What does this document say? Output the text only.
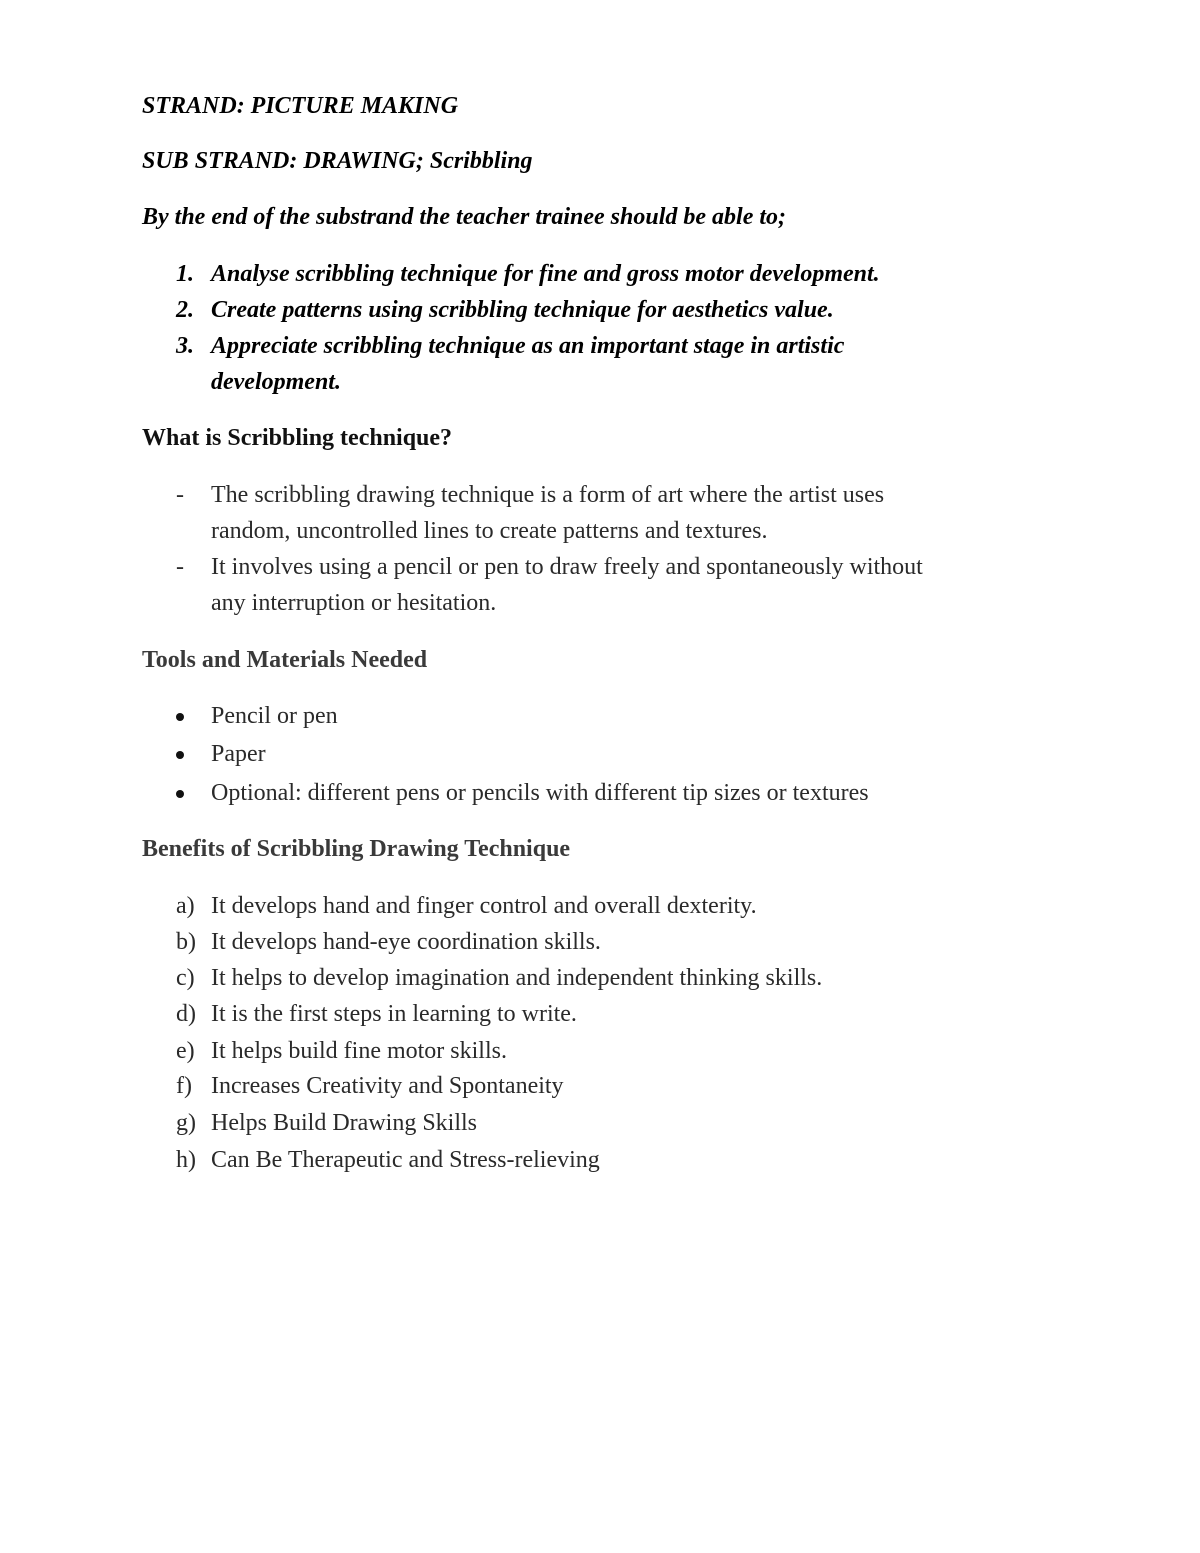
STRAND: PICTURE MAKING
SUB STRAND: DRAWING; Scribbling
By the end of the substrand the teacher trainee should be able to;
1. Analyse scribbling technique for fine and gross motor development.
2. Create patterns using scribbling technique for aesthetics value.
3. Appreciate scribbling technique as an important stage in artistic
development.
What is Scribbling technique?
- The scribbling drawing technique is a form of art where the artist uses
random, uncontrolled lines to create patterns and textures.
- It involves using a pencil or pen to draw freely and spontaneously without
any interruption or hesitation.
Tools and Materials Needed
Pencil or pen
Paper
Optional: different pens or pencils with different tip sizes or textures
Benefits of Scribbling Drawing Technique
a) It develops hand and finger control and overall dexterity.
b) It develops hand-eye coordination skills.
c) It helps to develop imagination and independent thinking skills.
d) It is the first steps in learning to write.
e) It helps build fine motor skills.
f) Increases Creativity and Spontaneity
g) Helps Build Drawing Skills
h) Can Be Therapeutic and Stress-relieving
